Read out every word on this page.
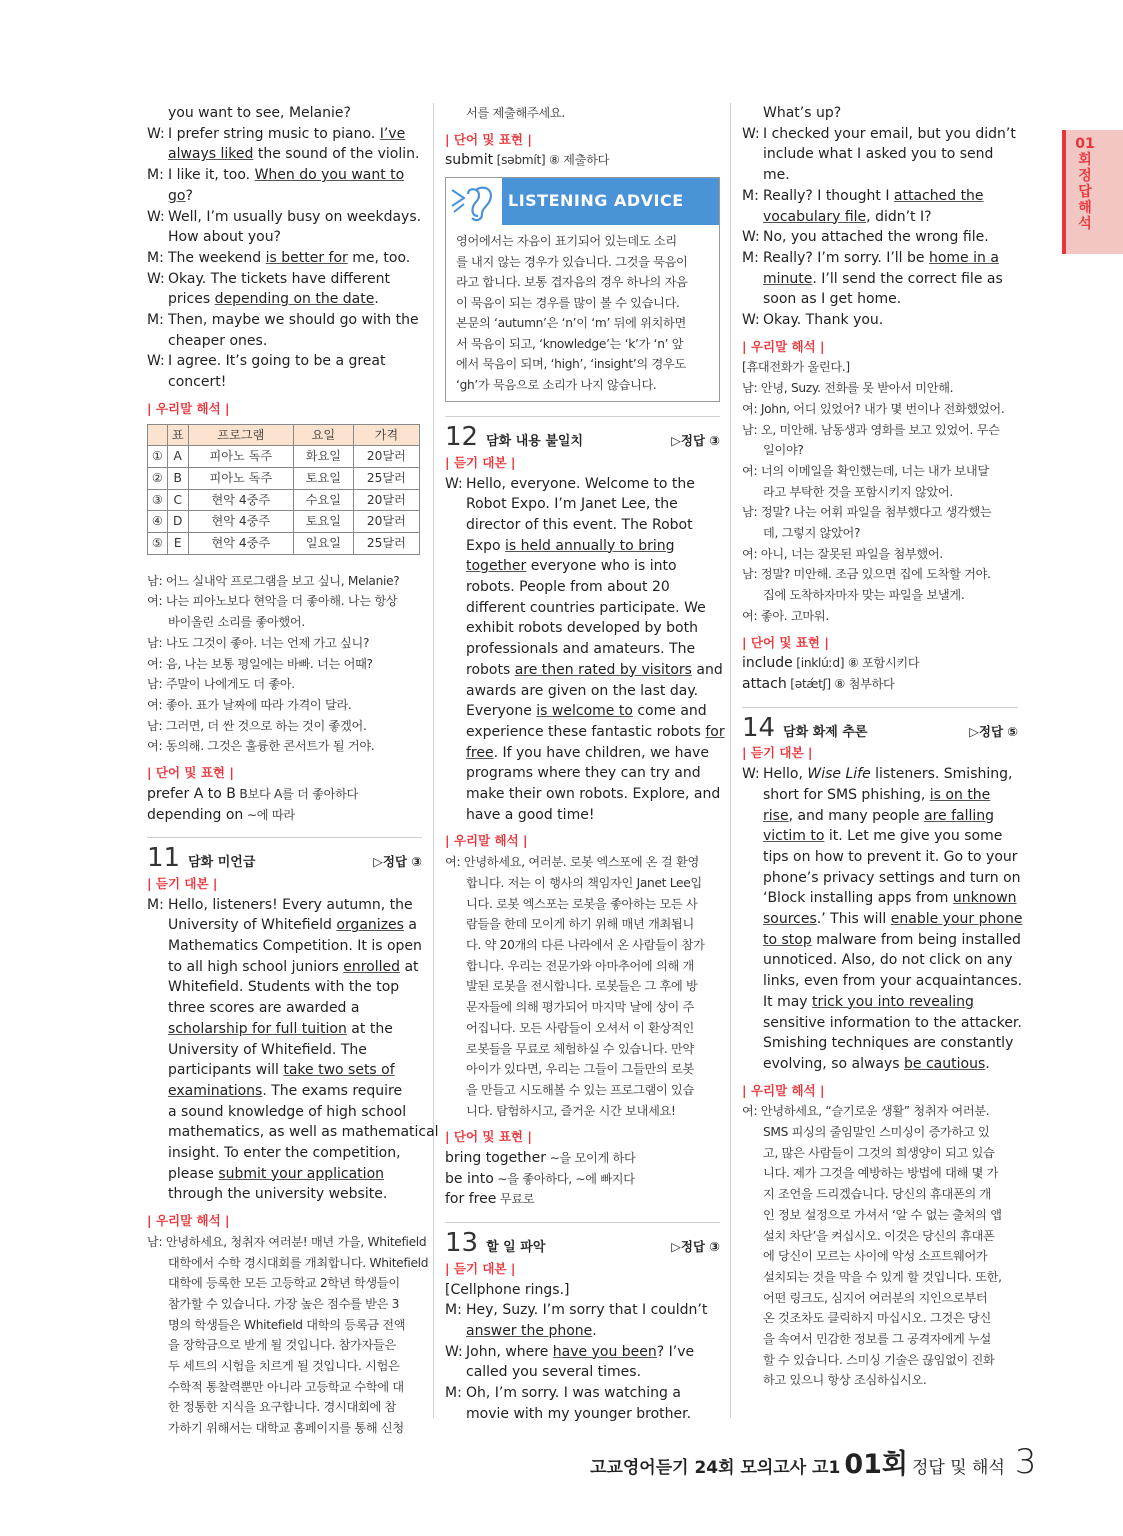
you want to see, Melanie?
W: I prefer string music to piano. I’ve
always liked the sound of the violin.
M: I like it, too. When do you want to
go?
W: Well, I’m usually busy on weekdays.
How about you?
M: The weekend is better for me, too.
W: Okay. The tickets have different
prices depending on the date.
M: Then, maybe we should go with the
cheaper ones.
W: I agree. It’s going to be a great
concert!
| 우리말 해석 |
	표	프로그램	요일	가격
①	A	피아노 독주	화요일	20달러
②	B	피아노 독주	토요일	25달러
③	C	현악 4중주	수요일	20달러
④	D	현악 4중주	토요일	20달러
⑤	E	현악 4중주	일요일	25달러
남: 어느 실내악 프로그램을 보고 싶니, Melanie?
여: 나는 피아노보다 현악을 더 좋아해. 나는 항상
바이올린 소리를 좋아했어.
남: 나도 그것이 좋아. 너는 언제 가고 싶니?
여: 음, 나는 보통 평일에는 바빠. 너는 어때?
남: 주말이 나에게도 더 좋아.
여: 좋아. 표가 날짜에 따라 가격이 달라.
남: 그러면, 더 싼 것으로 하는 것이 좋겠어.
여: 동의해. 그것은 훌륭한 콘서트가 될 거야.
| 단어 및 표현 |
prefer A to B B보다 A를 더 좋아하다
depending on ∼에 따라
11 담화 미언급	▷정답 ③
| 듣기 대본 |
M: Hello, listeners! Every autumn, the
University of Whitefield organizes a
Mathematics Competition. It is open
to all high school juniors enrolled at
Whitefield. Students with the top
three scores are awarded a
scholarship for full tuition at the
University of Whitefield. The
participants will take two sets of
examinations. The exams require
a sound knowledge of high school
mathematics, as well as mathematical
insight. To enter the competition,
please submit your application
through the university website.
| 우리말 해석 |
남: 안녕하세요, 청취자 여러분! 매년 가을, Whitefield
대학에서 수학 경시대회를 개최합니다. Whitefield
대학에 등록한 모든 고등학교 2학년 학생들이
참가할 수 있습니다. 가장 높은 점수를 받은 3
명의 학생들은 Whitefield 대학의 등록금 전액
을 장학금으로 받게 될 것입니다. 참가자들은
두 세트의 시험을 치르게 될 것입니다. 시험은
수학적 통찰력뿐만 아니라 고등학교 수학에 대
한 정통한 지식을 요구합니다. 경시대회에 참
가하기 위해서는 대학교 홈페이지를 통해 신청
서를 제출해주세요.
| 단어 및 표현 |
submit [səbmít] ⑧ 제출하다
LISTENING ADVICE
영어에서는 자음이 표기되어 있는데도 소리
를 내지 않는 경우가 있습니다. 그것을 묵음이
라고 합니다. 보통 겹자음의 경우 하나의 자음
이 묵음이 되는 경우를 많이 볼 수 있습니다.
본문의 ‘autumn’은 ‘n’이 ‘m’ 뒤에 위치하면
서 묵음이 되고, ‘knowledge’는 ‘k’가 ‘n’ 앞
에서 묵음이 되며, ‘high’, ‘insight’의 경우도
‘gh’가 묵음으로 소리가 나지 않습니다.
12 담화 내용 불일치	▷정답 ③
| 듣기 대본 |
W: Hello, everyone. Welcome to the
Robot Expo. I’m Janet Lee, the
director of this event. The Robot
Expo is held annually to bring
together everyone who is into
robots. People from about 20
different countries participate. We
exhibit robots developed by both
professionals and amateurs. The
robots are then rated by visitors and
awards are given on the last day.
Everyone is welcome to come and
experience these fantastic robots for
free. If you have children, we have
programs where they can try and
make their own robots. Explore, and
have a good time!
| 우리말 해석 |
여: 안녕하세요, 여러분. 로봇 엑스포에 온 걸 환영
합니다. 저는 이 행사의 책임자인 Janet Lee입
니다. 로봇 엑스포는 로봇을 좋아하는 모든 사
람들을 한데 모이게 하기 위해 매년 개최됩니
다. 약 20개의 다른 나라에서 온 사람들이 참가
합니다. 우리는 전문가와 아마추어에 의해 개
발된 로봇을 전시합니다. 로봇들은 그 후에 방
문자들에 의해 평가되어 마지막 날에 상이 주
어집니다. 모든 사람들이 오셔서 이 환상적인
로봇들을 무료로 체험하실 수 있습니다. 만약
아이가 있다면, 우리는 그들이 그들만의 로봇
을 만들고 시도해볼 수 있는 프로그램이 있습
니다. 탐험하시고, 즐거운 시간 보내세요!
| 단어 및 표현 |
bring together ∼을 모이게 하다
be into ∼을 좋아하다, ∼에 빠지다
for free 무료로
13 할 일 파악	▷정답 ③
| 듣기 대본 |
[Cellphone rings.]
M: Hey, Suzy. I’m sorry that I couldn’t
answer the phone.
W: John, where have you been? I’ve
called you several times.
M: Oh, I’m sorry. I was watching a
movie with my younger brother.
What’s up?
W: I checked your email, but you didn’t
include what I asked you to send
me.
M: Really? I thought I attached the
vocabulary file, didn’t I?
W: No, you attached the wrong file.
M: Really? I’m sorry. I’ll be home in a
minute. I’ll send the correct file as
soon as I get home.
W: Okay. Thank you.
| 우리말 해석 |
[휴대전화가 울린다.]
남: 안녕, Suzy. 전화를 못 받아서 미안해.
여: John, 어디 있었어? 내가 몇 번이나 전화했었어.
남: 오, 미안해. 남동생과 영화를 보고 있었어. 무슨
일이야?
여: 너의 이메일을 확인했는데, 너는 내가 보내달
라고 부탁한 것을 포함시키지 않았어.
남: 정말? 나는 어휘 파일을 첨부했다고 생각했는
데, 그렇지 않았어?
여: 아니, 너는 잘못된 파일을 첨부했어.
남: 정말? 미안해. 조금 있으면 집에 도착할 거야.
집에 도착하자마자 맞는 파일을 보낼게.
여: 좋아. 고마워.
| 단어 및 표현 |
include [inklúːd] ⑧ 포함시키다
attach [ətǽtʃ] ⑧ 첨부하다
14 담화 화제 추론	▷정답 ⑤
| 듣기 대본 |
W: Hello, Wise Life listeners. Smishing,
short for SMS phishing, is on the
rise, and many people are falling
victim to it. Let me give you some
tips on how to prevent it. Go to your
phone’s privacy settings and turn on
‘Block installing apps from unknown
sources.’ This will enable your phone
to stop malware from being installed
unnoticed. Also, do not click on any
links, even from your acquaintances.
It may trick you into revealing
sensitive information to the attacker.
Smishing techniques are constantly
evolving, so always be cautious.
| 우리말 해석 |
여: 안녕하세요, “슬기로운 생활” 청취자 여러분.
SMS 피싱의 줄임말인 스미싱이 증가하고 있
고, 많은 사람들이 그것의 희생양이 되고 있습
니다. 제가 그것을 예방하는 방법에 대해 몇 가
지 조언을 드리겠습니다. 당신의 휴대폰의 개
인 정보 설정으로 가셔서 ‘알 수 없는 출처의 앱
설치 차단’을 켜십시오. 이것은 당신의 휴대폰
에 당신이 모르는 사이에 악성 소프트웨어가
설치되는 것을 막을 수 있게 할 것입니다. 또한,
어떤 링크도, 심지어 여러분의 지인으로부터
온 것조차도 클릭하지 마십시오. 그것은 당신
을 속여서 민감한 정보를 그 공격자에게 누설
할 수 있습니다. 스미싱 기술은 끊임없이 진화
하고 있으니 항상 조심하십시오.
01
회
정
답
해
석
고교영어듣기 24회 모의고사 고1 01회 정답 및 해석 3
